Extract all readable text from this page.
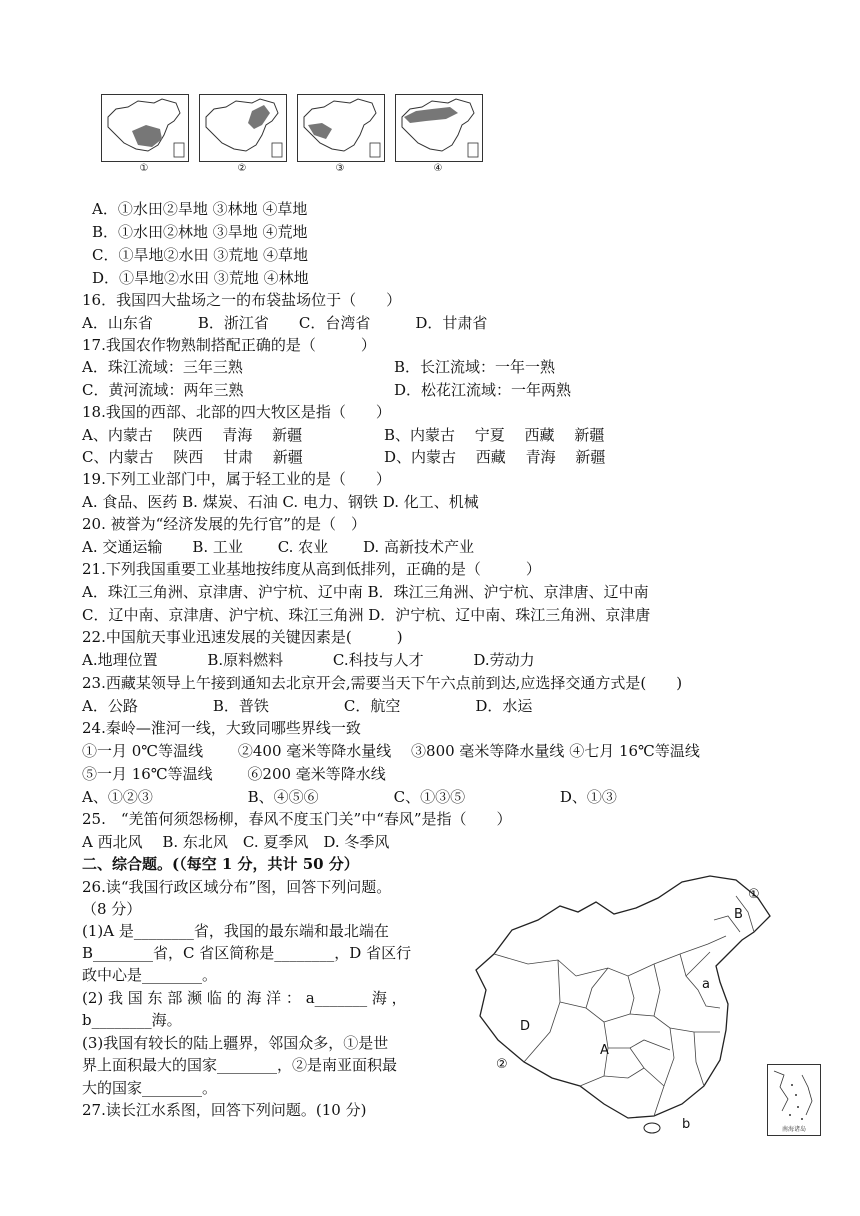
①	②	③	④
A．①水田②旱地 ③林地 ④草地
B．①水田②林地 ③旱地 ④荒地
C．①旱地②水田 ③荒地 ④草地
D．①旱地②水田 ③荒地 ④林地
16．我国四大盐场之一的布袋盐场位于（　　）
A．山东省　　　B．浙江省　　C．台湾省　　　D．甘肃省
17.我国农作物熟制搭配正确的是（　　　）
A．珠江流域：三年三熟	B．长江流域：一年一熟
C．黄河流域：两年三熟	D．松花江流域：一年两熟
18.我国的西部、北部的四大牧区是指（　　）
A、内蒙古　 陕西　 青海　 新疆	B、内蒙古　 宁夏　 西藏　 新疆
C、内蒙古　 陕西　 甘肃　 新疆	D、内蒙古　 西藏　 青海　 新疆
19.下列工业部门中，属于轻工业的是（　　）
A. 食品、医药 B. 煤炭、石油 C. 电力、钢铁 D. 化工、机械
20. 被誉为“经济发展的先行官”的是（　）
A. 交通运输　　B. 工业　　 C. 农业　　 D. 高新技术产业
21.下列我国重要工业基地按纬度从高到低排列，正确的是（　　　）
A．珠江三角洲、京津唐、沪宁杭、辽中南 B．珠江三角洲、沪宁杭、京津唐、辽中南
C．辽中南、京津唐、沪宁杭、珠江三角洲 D．沪宁杭、辽中南、珠江三角洲、京津唐
22.中国航天事业迅速发展的关键因素是(　　　)
A.地理位置　　　 B.原料燃料　　　 C.科技与人才　　　 D.劳动力
23.西藏某领导上午接到通知去北京开会,需要当天下午六点前到达,应选择交通方式是(　　)
A．公路　　　　　B．普铁　　　　　C．航空　　　　　D．水运
24.秦岭—淮河一线，大致同哪些界线一致
①一月 0℃等温线　　 ②400 毫米等降水量线　 ③800 毫米等降水量线 ④七月 16℃等温线
⑤一月 16℃等温线　　 ⑥200 毫米等降水线
A、①②③　　　　　　 B、④⑤⑥　　　　　C、①③⑤　　　　　　 D、①③
25.　“羌笛何须怨杨柳，春风不度玉门关”中“春风”是指（　　）
A 西北风　 B. 东北风　C. 夏季风　D. 冬季风
二、综合题。(（每空 1 分，共计 50 分）
26.读“我国行政区域分布”图，回答下列问题。
（8 分）
(1)A 是________省，我国的最东端和最北端在
B________省，C 省区简称是________，D 省区行
政中心是________。
(2) 我 国 东 部 濒 临 的 海 洋 ： a_______ 海 ，
b________海。
(3)我国有较长的陆上疆界，邻国众多，①是世
界上面积最大的国家________，②是南亚面积最
大的国家________。
27.读长江水系图，回答下列问题。(10 分)
B
①
D
A
a
b
②
南海诸岛
